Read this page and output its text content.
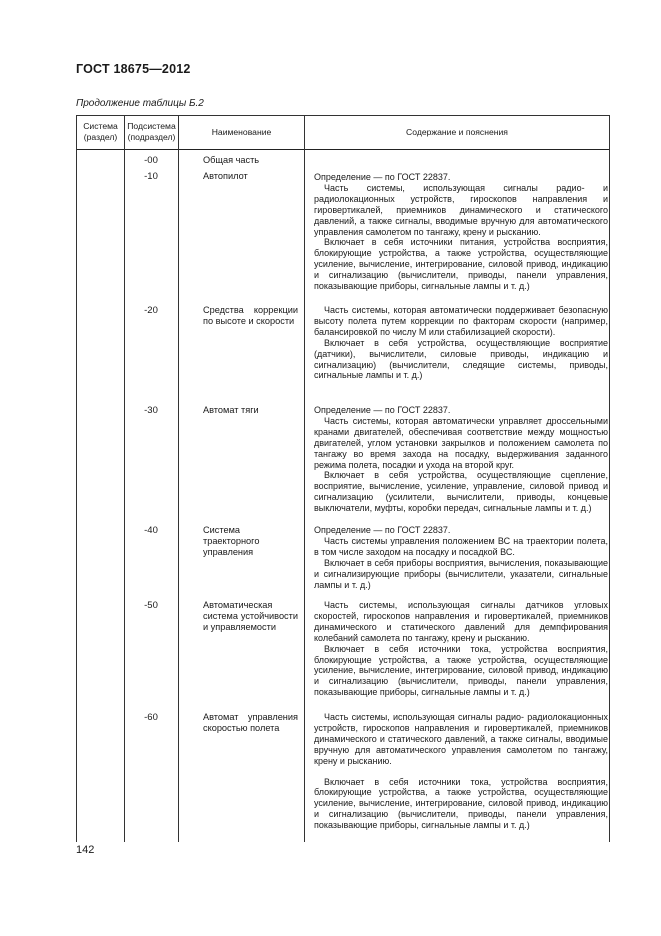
ГОСТ 18675—2012
Продолжение таблицы Б.2
Система (раздел)
Подсистема (подраздел)	Наименование	Содержание и пояснения
-00	Общая часть
-10	Автопилот	Определение — по ГОСТ 22837.

Часть системы, использующая сигналы радио- и радиолокационных устройств, гироскопов направления и гировертикалей, приемников динамического и статического давлений, а также сигналы, вводимые вручную для автоматического управления самолетом по тангажу, крену и рысканию.

Включает в себя источники питания, устройства восприятия, блокирующие устройства, а также устройства, осуществляющие усиление, вычисление, интегрирование, силовой привод, индикацию и сигнализацию (вычислители, приводы, панели управления, показывающие приборы, сигнальные лампы и т. д.)

-20	Средства коррекции по высоте и скорости

Часть системы, которая автоматически поддерживает безопасную высоту полета путем коррекции по факторам скорости (например, балансировкой по числу М или стабилизацией скорости).

Включает в себя устройства, осуществляющие восприятие (датчики), вычислители, силовые приводы, индикацию и сигнализацию) (вычислители, следящие системы, приводы, сигнальные лампы и т. д.)

-30	Автомат тяги	Определение — по ГОСТ 22837.

Часть системы, которая автоматически управляет дроссельными кранами двигателей, обеспечивая соответствие между мощностью двигателей, углом установки закрылков и положением самолета по тангажу во время захода на посадку, выдерживания заданного режима полета, посадки и ухода на второй круг.

Включает в себя устройства, осуществляющие сцепление, восприятие, вычисление, усиление, управление, силовой привод и сигнализацию (усилители, вычислители, приводы, концевые выключатели, муфты, коробки передач, сигнальные лампы и т. д.)

-40	Система траекторного управления

Определение — по ГОСТ 22837.

Часть системы управления положением ВС на траектории полета, в том числе заходом на посадку и посадкой ВС.

Включает в себя приборы восприятия, вычисления, показывающие и сигнализирующие приборы (вычислители, указатели, сигнальные лампы и т. д.)

-50	Автоматическая система устойчивости и управляемости

Часть системы, использующая сигналы датчиков угловых скоростей, гироскопов направления и гировертикалей, приемников динамического и статического давлений для демпфирования колебаний самолета по тангажу, крену и рысканию.

Включает в себя источники тока, устройства восприятия, блокирующие устройства, а также устройства, осуществляющие усиление, вычисление, интегрирование, силовой привод, индикацию и сигнализацию (вычислители, приводы, панели управления, показывающие приборы, сигнальные лампы и т. д.)

-60	Автомат управления скоростью полета

Часть системы, использующая сигналы радио- радиолокационных устройств, гироскопов направления и гировертикалей, приемников динамического и статического давлений, а также сигналы, вводимые вручную для автоматического управления самолетом по тангажу, крену и рысканию.

Включает в себя источники тока, устройства восприятия, блокирующие устройства, а также устройства, осуществляющие усиление, вычисление, интегрирование, силовой привод, индикацию и сигнализацию (вычислители, приводы, панели управления, показывающие приборы, сигнальные лампы и т. д.)

142
